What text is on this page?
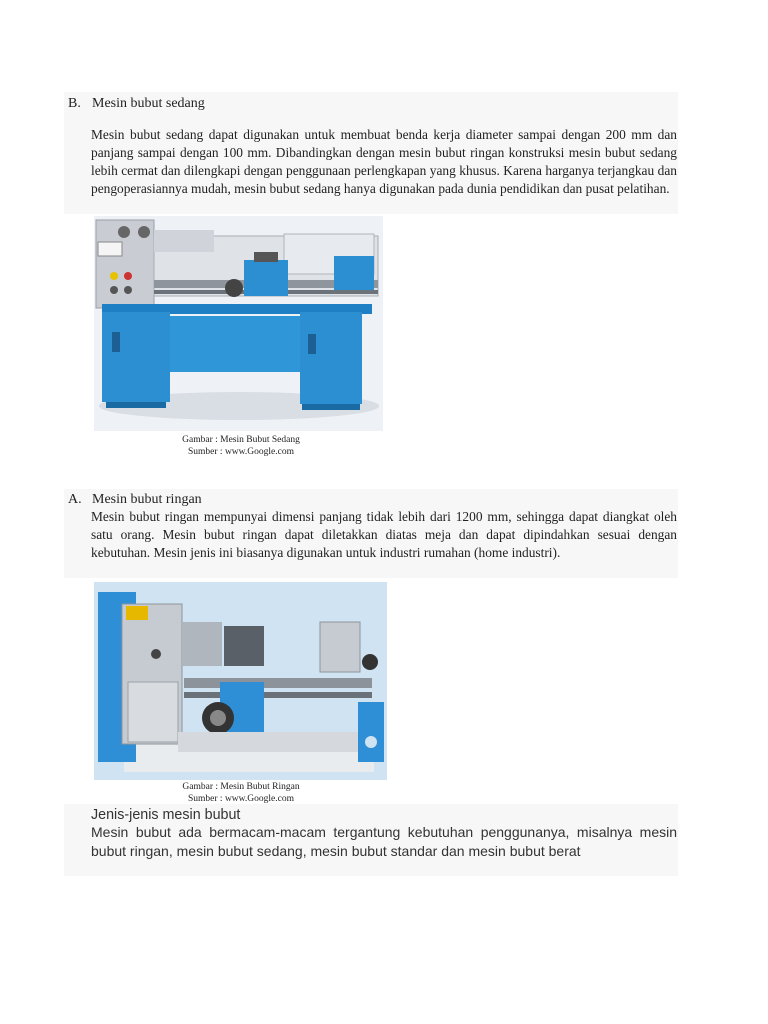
B. Mesin bubut sedang
Mesin bubut sedang dapat digunakan untuk membuat benda kerja diameter sampai dengan 200 mm dan panjang sampai dengan 100 mm. Dibandingkan dengan mesin bubut ringan konstruksi mesin bubut sedang lebih cermat dan dilengkapi dengan penggunaan perlengkapan yang khusus. Karena harganya terjangkau dan pengoperasiannya mudah, mesin bubut sedang hanya digunakan pada dunia pendidikan dan pusat pelatihan.
Gambar : Mesin Bubut Sedang
Sumber : www.Google.com
A. Mesin bubut ringan
Mesin bubut ringan mempunyai dimensi panjang tidak lebih dari 1200 mm, sehingga dapat diangkat oleh satu orang. Mesin bubut ringan dapat diletakkan diatas meja dan dapat dipindahkan sesuai dengan kebutuhan. Mesin jenis ini biasanya digunakan untuk industri rumahan (home industri).
Gambar : Mesin Bubut Ringan
Sumber : www.Google.com
Jenis-jenis mesin bubut
Mesin bubut ada bermacam-macam tergantung kebutuhan penggunanya, misalnya mesin bubut ringan, mesin bubut sedang, mesin bubut standar dan mesin bubut berat
